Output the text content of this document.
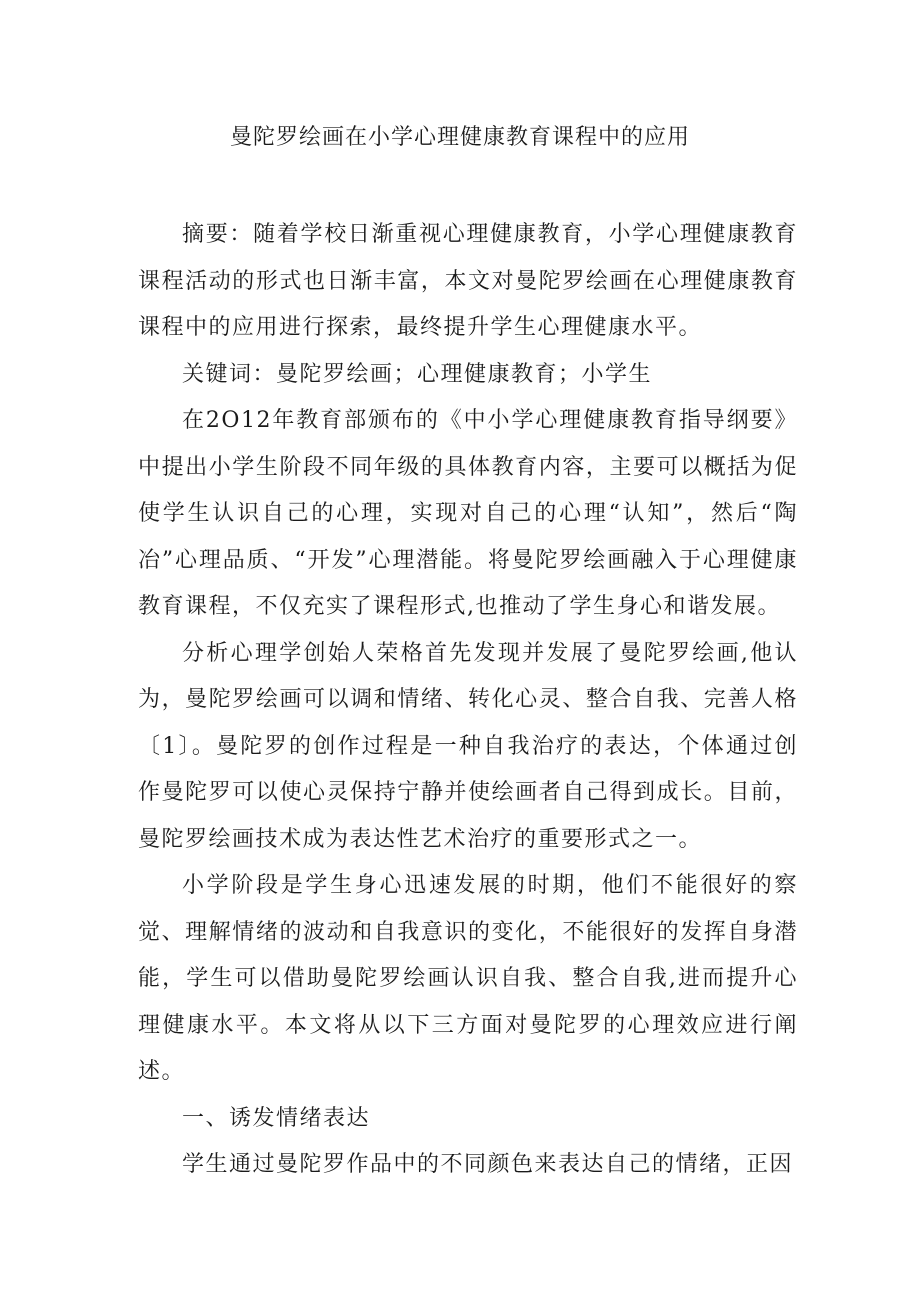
曼陀罗绘画在小学心理健康教育课程中的应用

摘要：随着学校日渐重视心理健康教育，小学心理健康教育课程活动的形式也日渐丰富，本文对曼陀罗绘画在心理健康教育课程中的应用进行探索，最终提升学生心理健康水平。

关键词：曼陀罗绘画；心理健康教育；小学生

在2O12年教育部颁布的《中小学心理健康教育指导纲要》中提出小学生阶段不同年级的具体教育内容，主要可以概括为促使学生认识自己的心理，实现对自己的心理“认知”，然后“陶冶”心理品质、“开发”心理潜能。将曼陀罗绘画融入于心理健康教育课程，不仅充实了课程形式,也推动了学生身心和谐发展。

分析心理学创始人荣格首先发现并发展了曼陀罗绘画,他认为，曼陀罗绘画可以调和情绪、转化心灵、整合自我、完善人格〔1〕。曼陀罗的创作过程是一种自我治疗的表达，个体通过创作曼陀罗可以使心灵保持宁静并使绘画者自己得到成长。目前，曼陀罗绘画技术成为表达性艺术治疗的重要形式之一。

小学阶段是学生身心迅速发展的时期，他们不能很好的察觉、理解情绪的波动和自我意识的变化，不能很好的发挥自身潜能，学生可以借助曼陀罗绘画认识自我、整合自我,进而提升心理健康水平。本文将从以下三方面对曼陀罗的心理效应进行阐述。

一、诱发情绪表达

学生通过曼陀罗作品中的不同颜色来表达自己的情绪，正因
